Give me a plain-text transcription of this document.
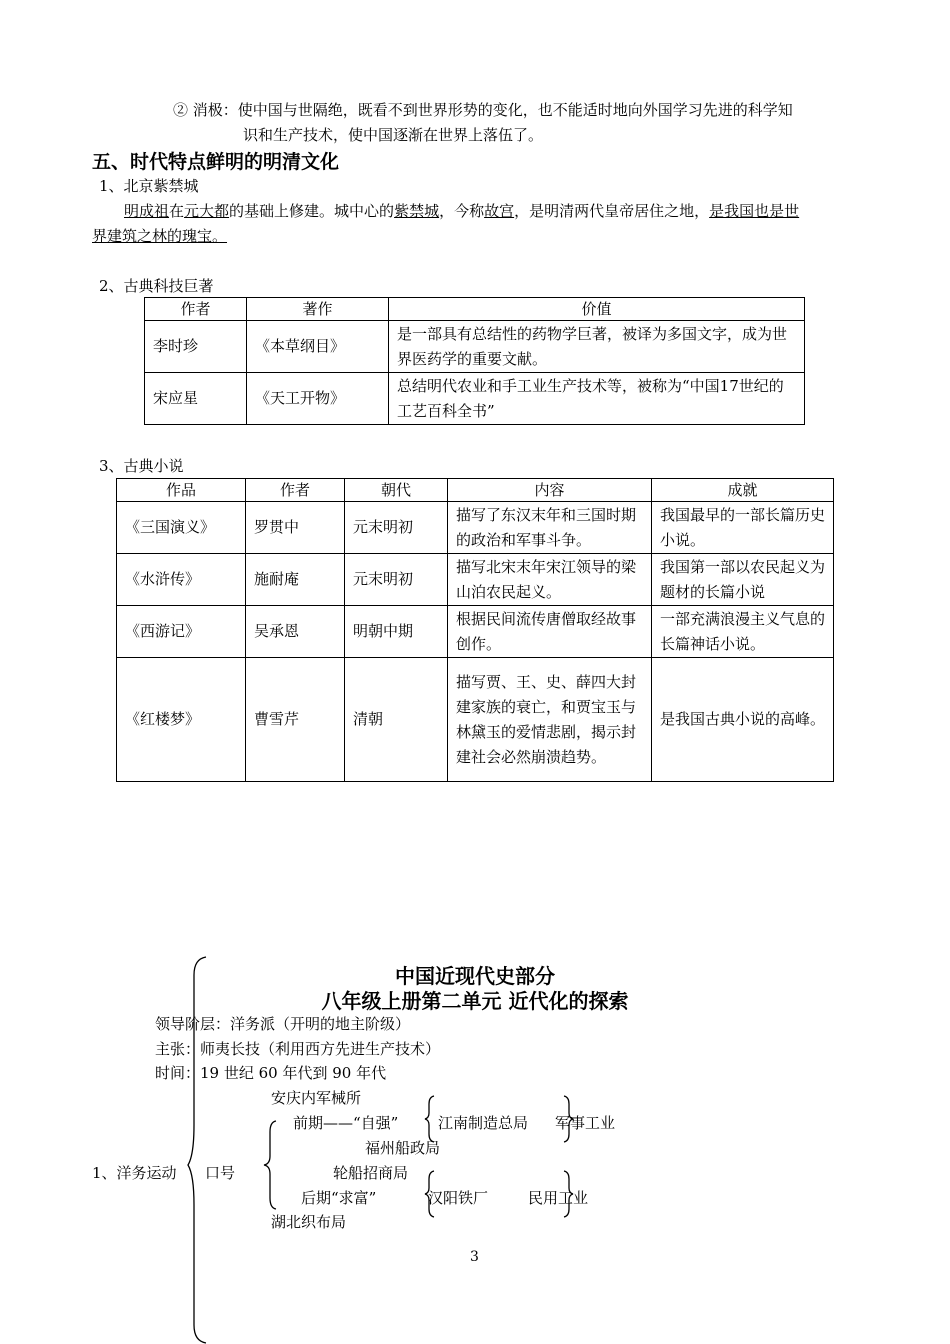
② 消极：使中国与世隔绝，既看不到世界形势的变化，也不能适时地向外国学习先进的科学知
识和生产技术，使中国逐渐在世界上落伍了。
五、时代特点鲜明的明清文化
1、北京紫禁城
明成祖在元大都的基础上修建。城中心的紫禁城，今称故宫，是明清两代皇帝居住之地，是我国也是世
界建筑之林的瑰宝。
2、古典科技巨著
作者	著作	价值
李时珍	《本草纲目》	是一部具有总结性的药物学巨著，被译为多国文字，成为世界医药学的重要文献。
宋应星	《天工开物》	总结明代农业和手工业生产技术等，被称为“中国17世纪的工艺百科全书”
3、古典小说
作品	作者	朝代	内容	成就
《三国演义》	罗贯中	元末明初	描写了东汉末年和三国时期的政治和军事斗争。	我国最早的一部长篇历史小说。
《水浒传》	施耐庵	元末明初	描写北宋末年宋江领导的梁山泊农民起义。	我国第一部以农民起义为题材的长篇小说
《西游记》	吴承恩	明朝中期	根据民间流传唐僧取经故事创作。	一部充满浪漫主义气息的长篇神话小说。
《红楼梦》	曹雪芹	清朝	描写贾、王、史、薛四大封建家族的衰亡，和贾宝玉与林黛玉的爱情悲剧，揭示封建社会必然崩溃趋势。	是我国古典小说的高峰。
中国近现代史部分
八年级上册第二单元 近代化的探索
领导阶层：洋务派（开明的地主阶级）
主张：师夷长技（利用西方先进生产技术）
时间：19 世纪 60 年代到 90 年代
安庆内军械所
前期——“自强”	江南制造总局 军事工业
福州船政局
1、洋务运动 口号	轮船招商局
后期“求富”	汉阳铁厂	民用工业
湖北织布局
3
